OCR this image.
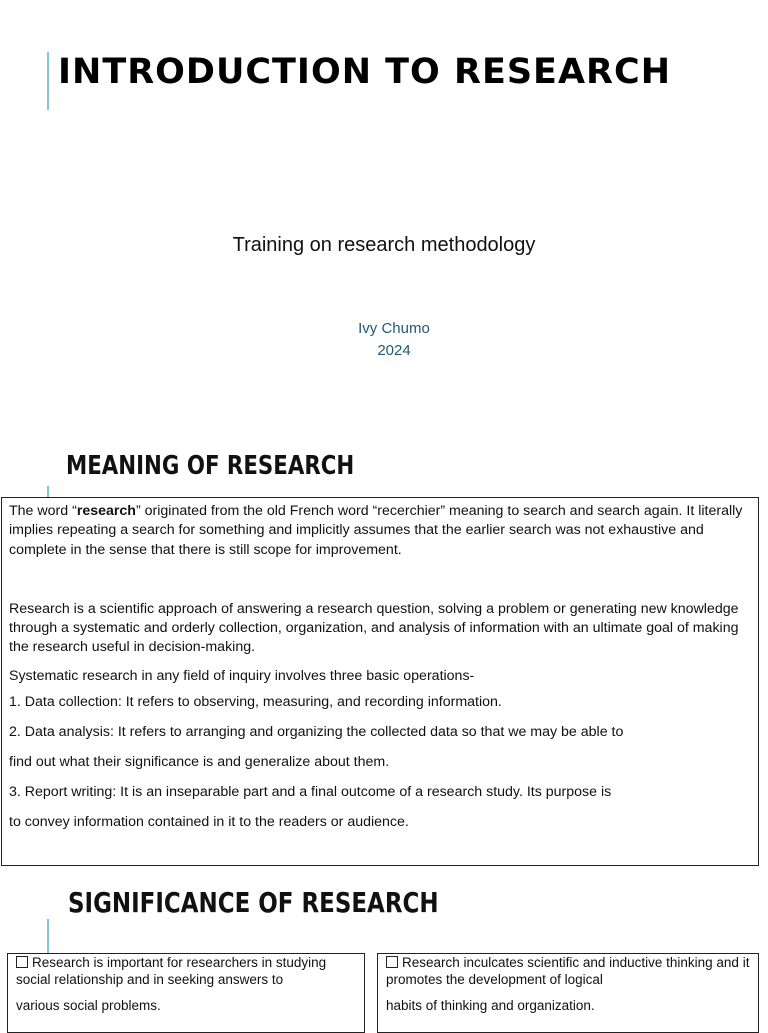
INTRODUCTION TO RESEARCH
Training on research methodology
Ivy Chumo
2024
MEANING OF RESEARCH

The word “research” originated from the old French word “recerchier” meaning to search and search again. It literally implies repeating a search for something and implicitly assumes that the earlier search was not exhaustive and complete in the sense that there is still scope for improvement.

Research is a scientific approach of answering a research question, solving a problem or generating new knowledge through a systematic and orderly collection, organization, and analysis of information with an ultimate goal of making the research useful in decision-making.

Systematic research in any field of inquiry involves three basic operations-

1. Data collection: It refers to observing, measuring, and recording information.
2. Data analysis: It refers to arranging and organizing the collected data so that we may be able to
find out what their significance is and generalize about them.
3. Report writing: It is an inseparable part and a final outcome of a research study. Its purpose is
to convey information contained in it to the readers or audience.
SIGNIFICANCE OF RESEARCH
Research is important for researchers in studying social relationship and in seeking answers to
various social problems.
Research inculcates scientific and inductive thinking and it promotes the development of logical
habits of thinking and organization.
